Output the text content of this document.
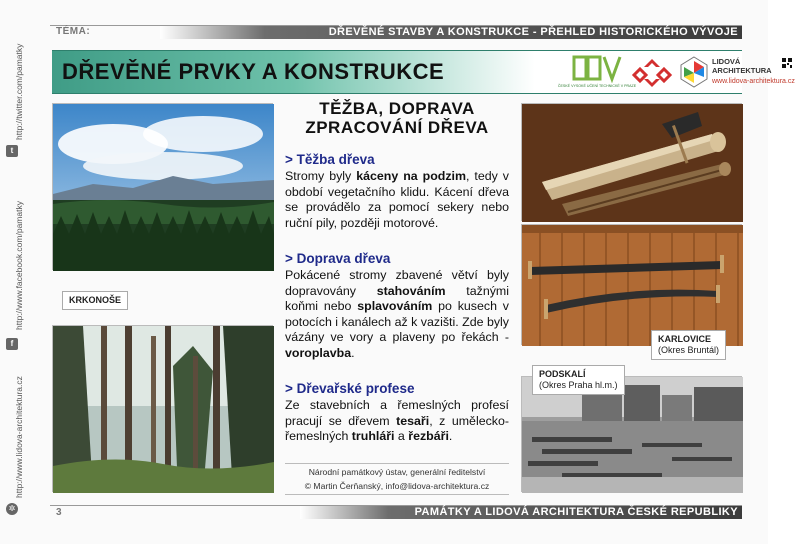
http://twitter.com/pamatky
t
http://www.facebook.com/pamatky
f
http://www.lidova-architektura.cz
✲
TÉMA:	DŘEVĚNÉ STAVBY A KONSTRUKCE - PŘEHLED HISTORICKÉHO VÝVOJE
DŘEVĚNÉ PRVKY A KONSTRUKCE
ČESKÉ VYSOKÉ UČENÍ TECHNICKÉ V PRAZE
LIDOVÁ
ARCHITEKTURA
www.lidova-architektura.cz
KRKONOŠE
TĚŽBA, DOPRAVA
ZPRACOVÁNÍ DŘEVA
> Těžba dřeva
Stromy byly káceny na podzim, tedy v období vegetačního klidu. Kácení dřeva se provádělo za pomocí sekery nebo ruční pily, později motorové.
> Doprava dřeva
Pokácené stromy zbavené větví byly dopravovány stahováním tažnými koňmi nebo splavováním po kusech v potocích i kanálech až k vazišti. Zde byly vázány ve vory a plaveny po řekách - voroplavba.
> Dřevařské profese
Ze stavebních a řemeslných profesí pracují se dřevem tesaři, z umělecko-řemeslných truhláři a řezbáři.
Národní památkový ústav, generální ředitelství
© Martin Čerňanský, info@lidova-architektura.cz
KARLOVICE
(Okres Bruntál)
PODSKALÍ
(Okres Praha hl.m.)
3	PAMÁTKY A LIDOVÁ ARCHITEKTURA ČESKÉ REPUBLIKY
